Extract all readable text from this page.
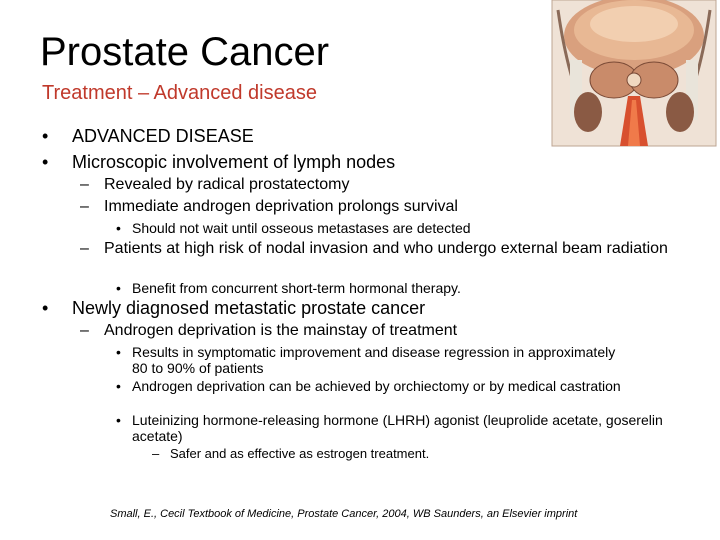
Prostate Cancer
Treatment – Advanced disease
• ADVANCED DISEASE
• Microscopic involvement of lymph nodes
– Revealed by radical prostatectomy
– Immediate androgen deprivation prolongs survival
• Should not wait until osseous metastases are detected
– Patients at high risk of nodal invasion and who undergo external beam radiation
• Benefit from concurrent short-term hormonal therapy.
• Newly diagnosed metastatic prostate cancer
– Androgen deprivation is the mainstay of treatment
• Results in symptomatic improvement and disease regression in approximately 80 to 90% of patients
• Androgen deprivation can be achieved by orchiectomy or by medical castration
• Luteinizing hormone-releasing hormone (LHRH) agonist (leuprolide acetate, goserelin acetate)
– Safer and as effective as estrogen treatment.
Small, E., Cecil Textbook of Medicine, Prostate Cancer, 2004, WB Saunders, an Elsevier imprint
